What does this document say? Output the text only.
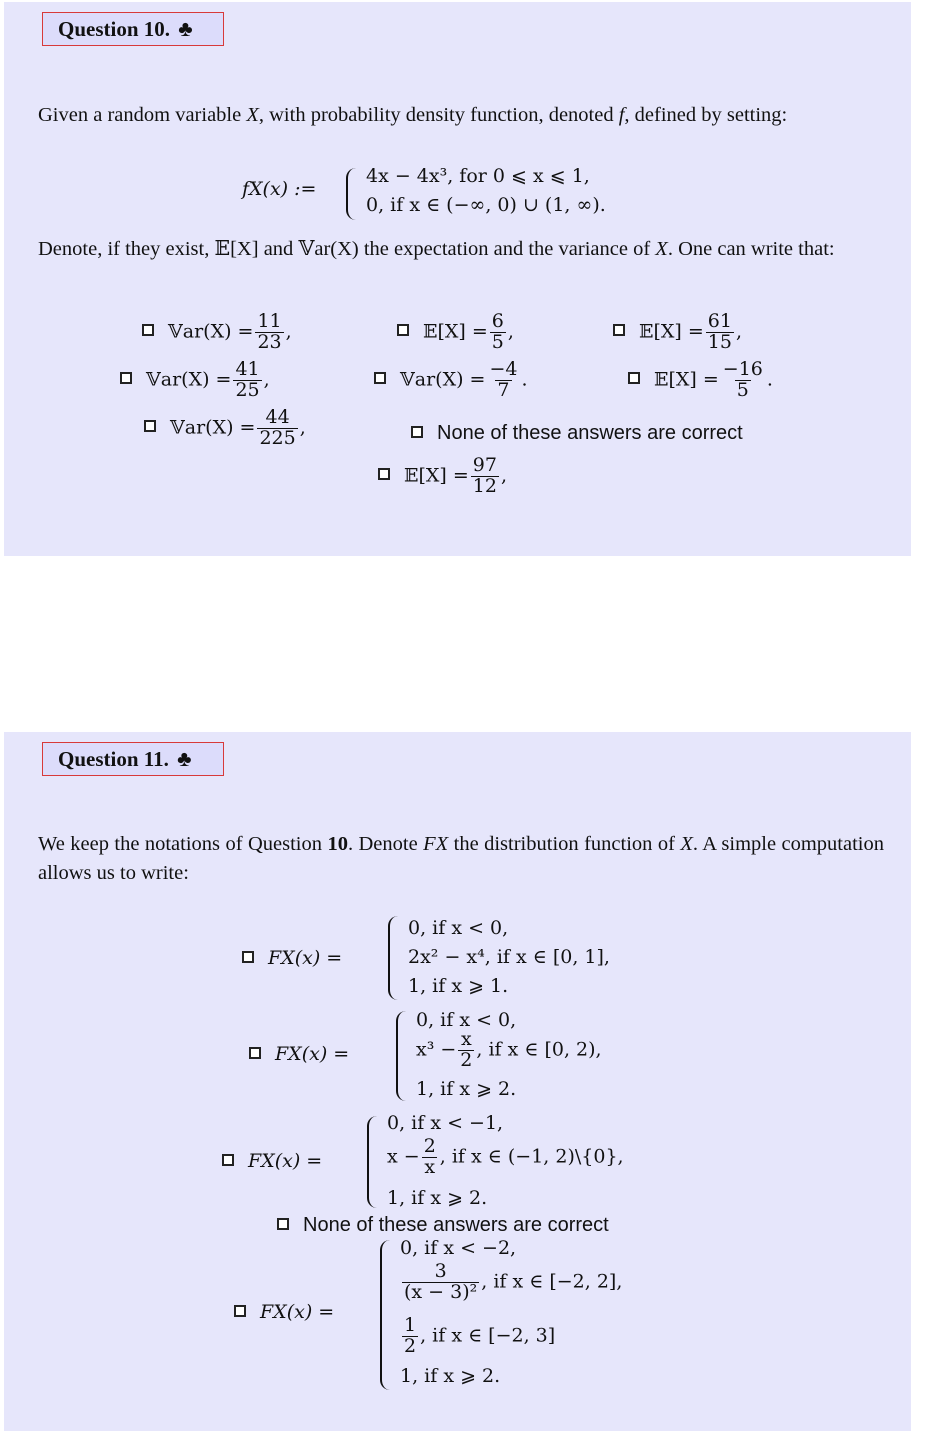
Question 10. ♣
Given a random variable X, with probability density function, denoted f, defined by setting:
fX(x) :=
4x − 4x³, for 0 ⩽ x ⩽ 1,
0, if x ∈ (−∞, 0) ∪ (1, ∞).
Denote, if they exist, 𝔼[X] and 𝕍ar(X) the expectation and the variance of X. One can write that:
𝕍ar(X) = $\frac{11}{23}$ ,	𝔼[X] = $\frac{6}{5}$ ,	𝔼[X] = $\frac{61}{15}$ ,
𝕍ar(X) = $\frac{41}{25}$ ,	𝕍ar(X) = $\frac{-4}{7}$ .	𝔼[X] = $\frac{-16}{5}$ .
𝕍ar(X) = $\frac{44}{225}$ ,	None of these answers are correct
𝔼[X] = $\frac{97}{12}$ ,
Question 11. ♣
We keep the notations of Question 10. Denote FX the distribution function of X. A simple computation allows us to write:
FX(x) =
0, if x < 0,
2x² − x⁴, if x ∈ [0, 1],
1, if x ⩾ 1.
FX(x) =
0, if x < 0,
$x^3 - \frac{x}{2}$ , if x ∈ [0, 2),
1, if x ⩾ 2.
FX(x) =
0, if x < −1,
$x - \frac{2}{x}$ , if x ∈ (−1, 2)\{0},
1, if x ⩾ 2.
None of these answers are correct
FX(x) =
0, if x < −2,
$\frac{3}{\text{(x − 3)²}}$ , if x ∈ [−2, 2],
$\frac{1}{2}$ , if x ∈ [−2, 3]
1, if x ⩾ 2.
